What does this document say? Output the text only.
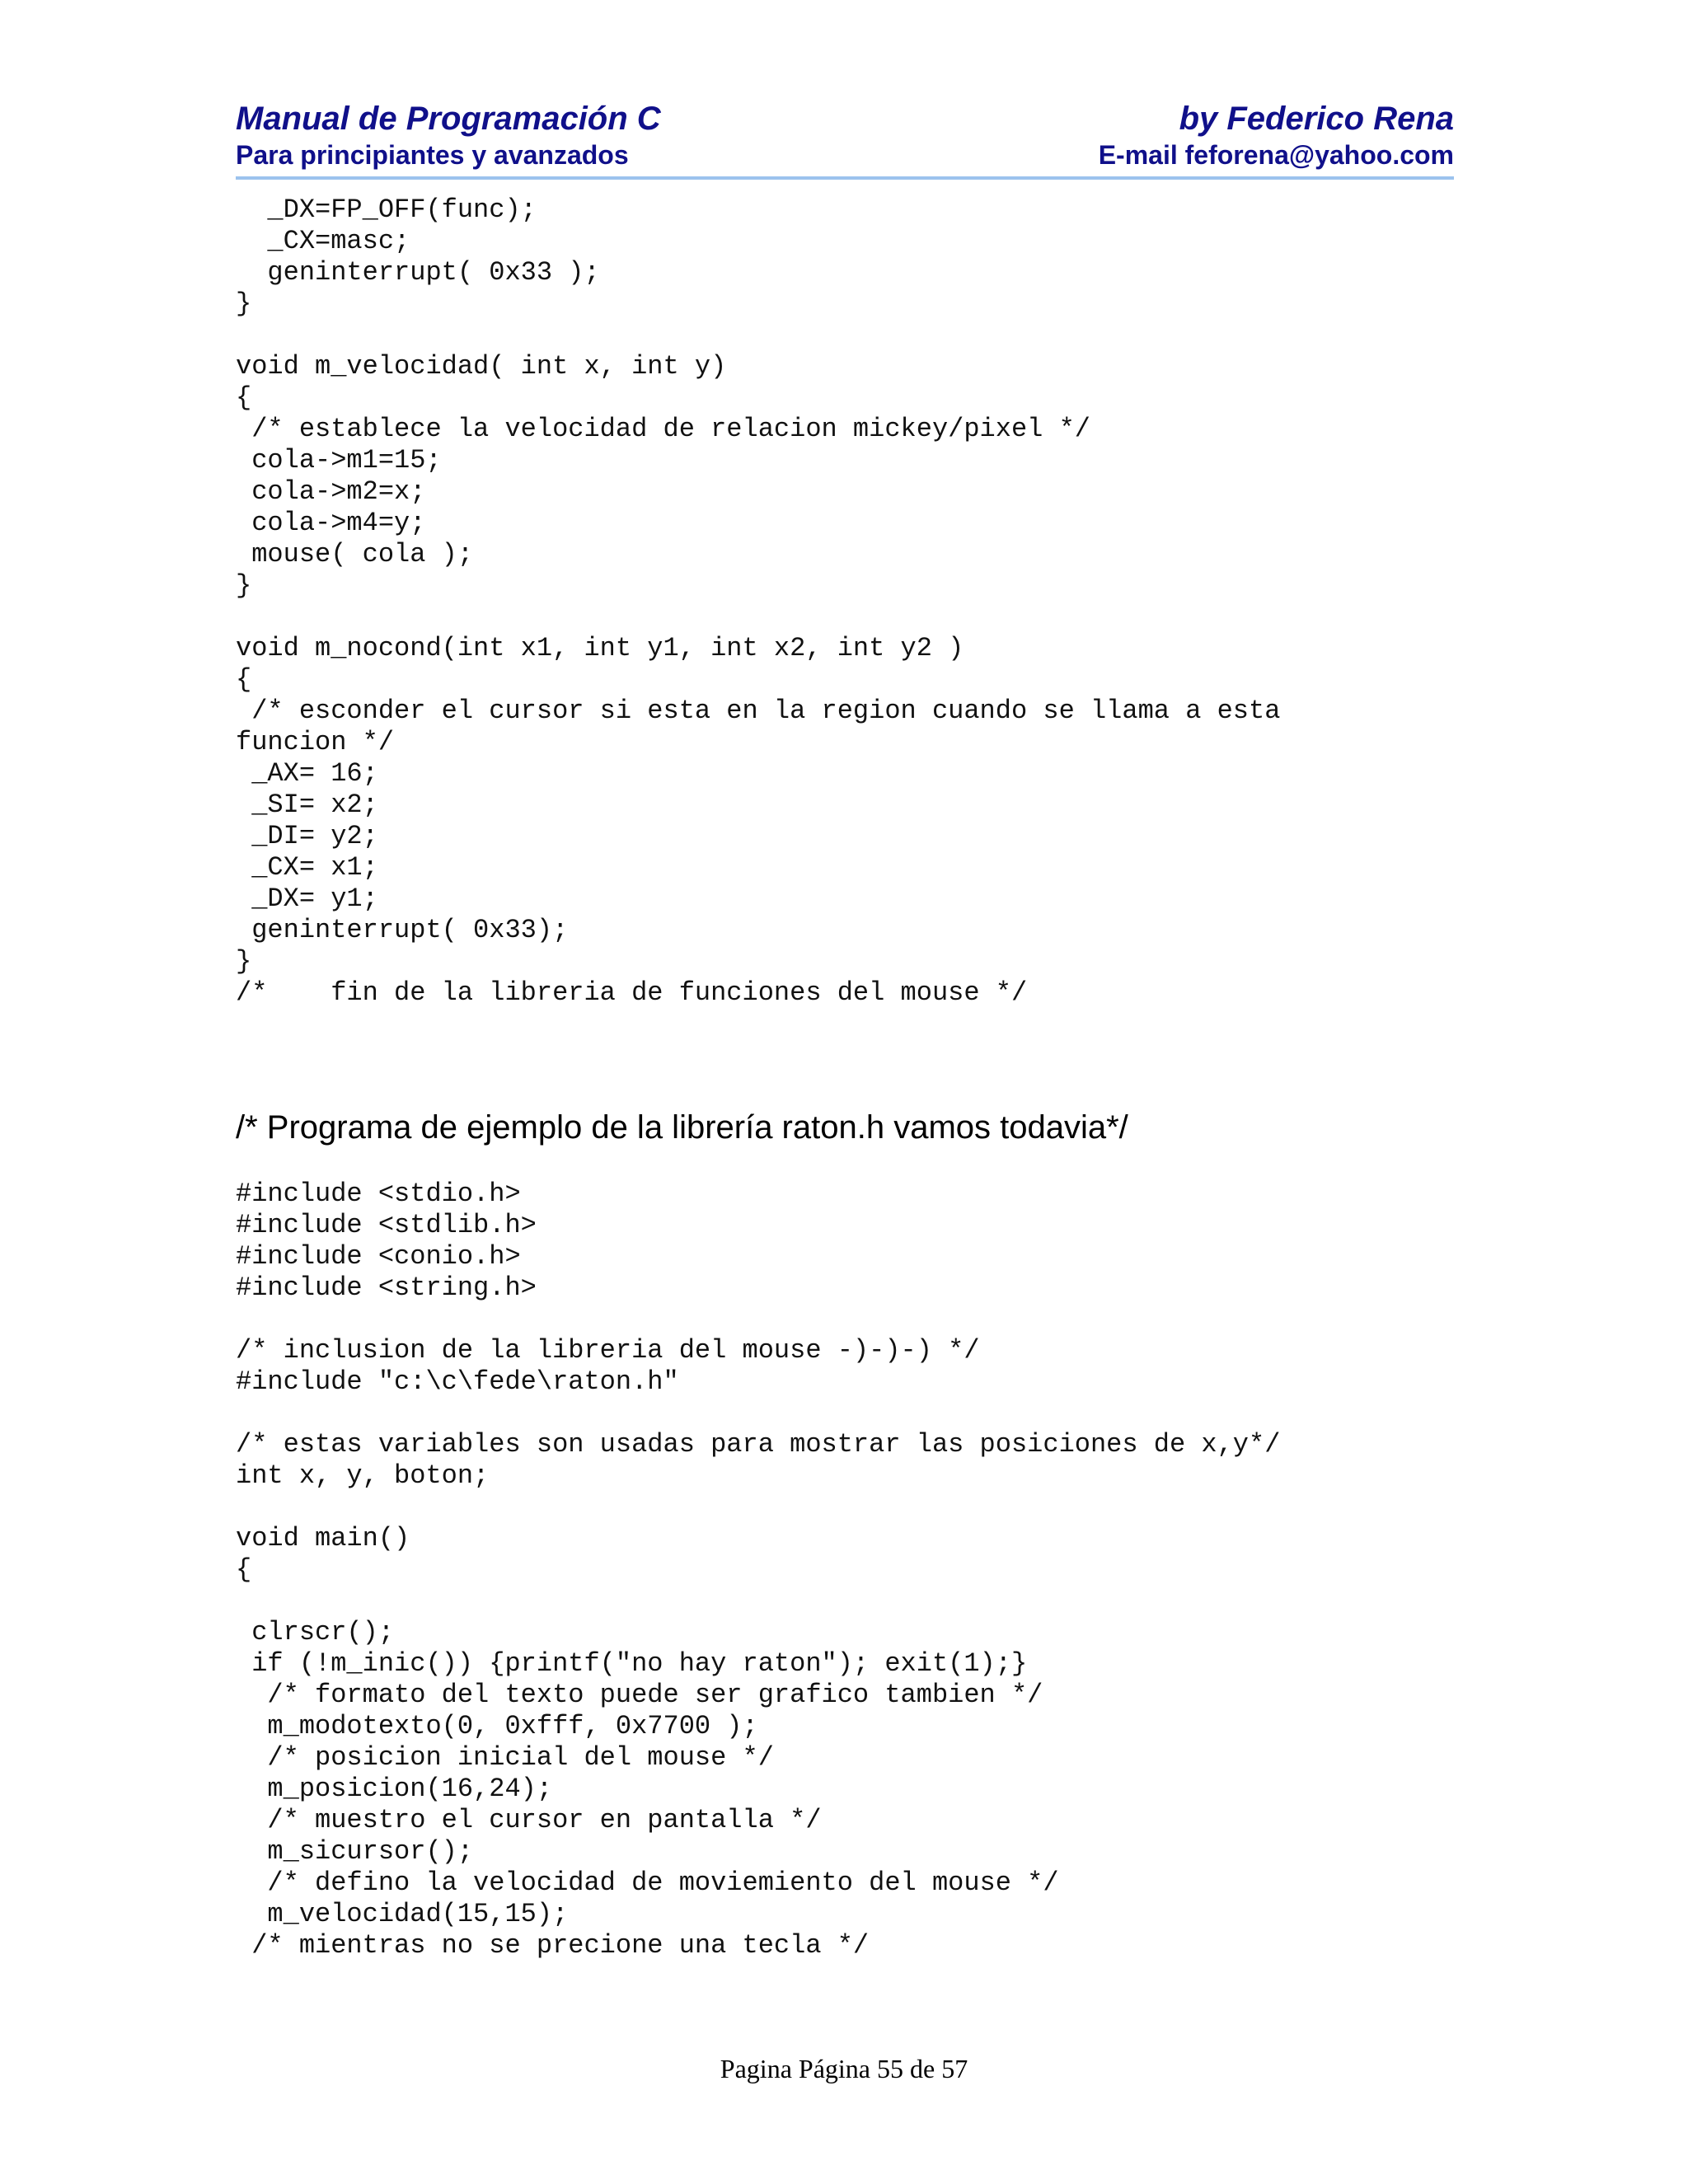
Manual de Programación C	by Federico Rena
Para principiantes y avanzados	E-mail feforena@yahoo.com
_DX=FP_OFF(func);
_CX=masc;
geninterrupt( 0x33 );
}

void m_velocidad( int x, int y)
{
/* establece la velocidad de relacion mickey/pixel */
cola->m1=15;
cola->m2=x;
cola->m4=y;
mouse( cola );
}

void m_nocond(int x1, int y1, int x2, int y2 )
{
/* esconder el cursor si esta en la region cuando se llama a esta
funcion */
_AX= 16;
_SI= x2;
_DI= y2;
_CX= x1;
_DX= y1;
geninterrupt( 0x33);
}
/*    fin de la libreria de funciones del mouse */
/* Programa de ejemplo de la librería raton.h vamos todavia*/
#include <stdio.h>
#include <stdlib.h>
#include <conio.h>
#include <string.h>

/* inclusion de la libreria del mouse -)-)-) */
#include "c:\c\fede\raton.h"

/* estas variables son usadas para mostrar las posiciones de x,y*/
int x, y, boton;

void main()
{

clrscr();
if (!m_inic()) {printf("no hay raton"); exit(1);}
/* formato del texto puede ser grafico tambien */
m_modotexto(0, 0xfff, 0x7700 );
/* posicion inicial del mouse */
m_posicion(16,24);
/* muestro el cursor en pantalla */
m_sicursor();
/* defino la velocidad de moviemiento del mouse */
m_velocidad(15,15);
/* mientras no se precione una tecla */
Pagina Página 55 de 57
